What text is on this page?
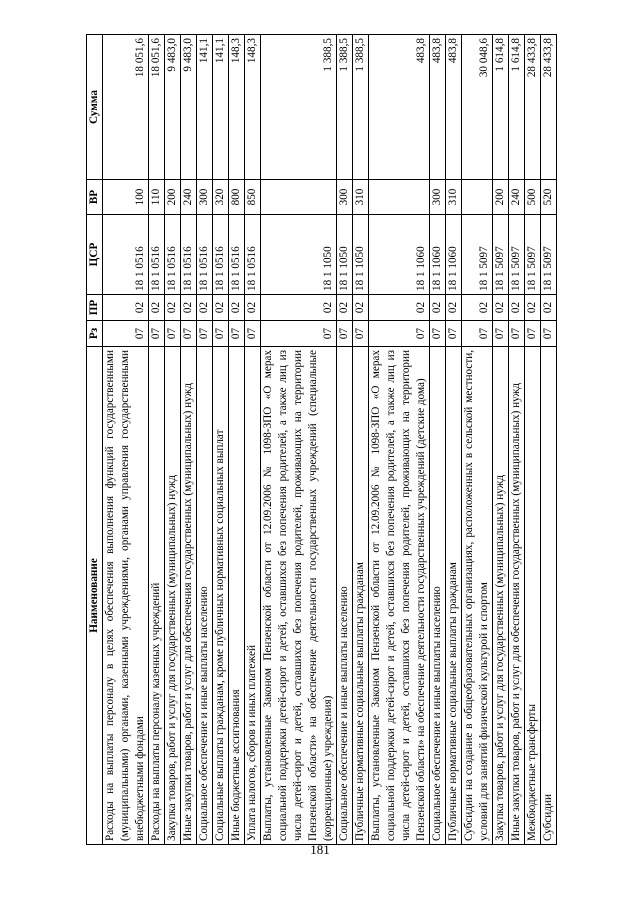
181
Наименование	Рз	ПР	ЦСР	ВР	Сумма
Расходы на выплаты персоналу в целях обеспечения выполнения функций государственными (муниципальными) органами, казенными учреждениями, органами управления государственными внебюджетными фондами	07	02	18 1 0516	100	18 051,6
Расходы на выплаты персоналу казенных учреждений	07	02	18 1 0516	110	18 051,6
Закупка товаров, работ и услуг для государственных (муниципальных) нужд	07	02	18 1 0516	200	9 483,0
Иные закупки товаров, работ и услуг для обеспечения государственных (муниципальных) нужд	07	02	18 1 0516	240	9 483,0
Социальное обеспечение и иные выплаты населению	07	02	18 1 0516	300	141,1
Социальные выплаты гражданам, кроме публичных нормативных социальных выплат	07	02	18 1 0516	320	141,1
Иные бюджетные ассигнования	07	02	18 1 0516	800	148,3
Уплата налогов, сборов и иных платежей	07	02	18 1 0516	850	148,3
Выплаты, установленные Законом Пензенской области от 12.09.2006 № 1098-ЗПО «О мерах социальной поддержки детей-сирот и детей, оставшихся без попечения родителей, а также лиц из числа детей-сирот и детей, оставшихся без попечения родителей, проживающих на территории Пензенской области» на обеспечение деятельности государственных учреждений (специальные (коррекционные) учреждения)	07	02	18 1 1050		1 388,5
Социальное обеспечение и иные выплаты населению	07	02	18 1 1050	300	1 388,5
Публичные нормативные социальные выплаты гражданам	07	02	18 1 1050	310	1 388,5
Выплаты, установленные Законом Пензенской области от 12.09.2006 № 1098-ЗПО «О мерах социальной поддержки детей-сирот и детей, оставшихся без попечения родителей, а также лиц из числа детей-сирот и детей, оставшихся без попечения родителей, проживающих на территории Пензенской области» на обеспечение деятельности государственных учреждений (детские дома)	07	02	18 1 1060		483,8
Социальное обеспечение и иные выплаты населению	07	02	18 1 1060	300	483,8
Публичные нормативные социальные выплаты гражданам	07	02	18 1 1060	310	483,8
Субсидии на создание в общеобразовательных организациях, расположенных в сельской местности, условий для занятий физической культурой и спортом	07	02	18 1 5097		30 048,6
Закупка товаров, работ и услуг для государственных (муниципальных) нужд	07	02	18 1 5097	200	1 614,8
Иные закупки товаров, работ и услуг для обеспечения государственных (муниципальных) нужд	07	02	18 1 5097	240	1 614,8
Межбюджетные трансферты	07	02	18 1 5097	500	28 433,8
Субсидии	07	02	18 1 5097	520	28 433,8
